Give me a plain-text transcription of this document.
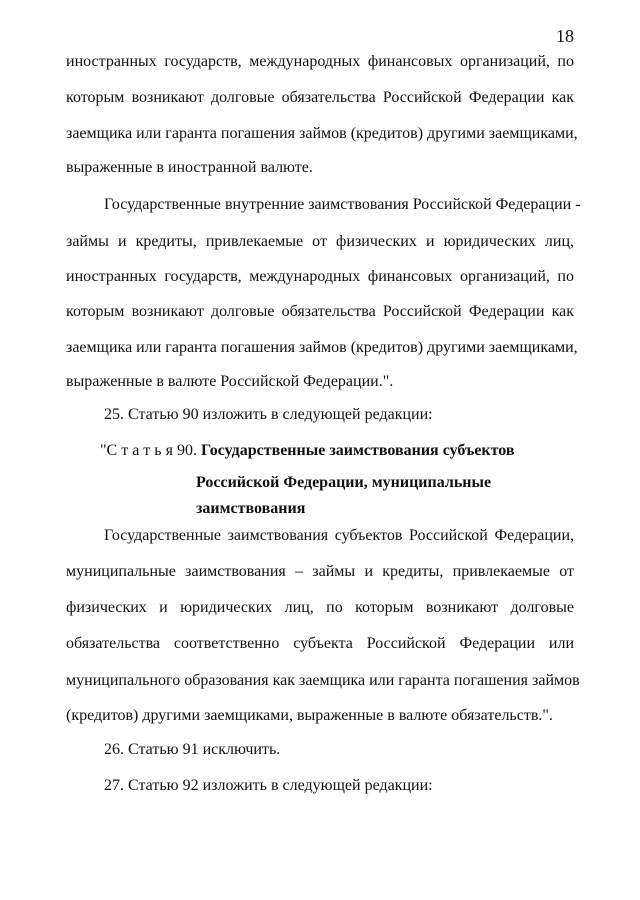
18
иностранных государств, международных финансовых организаций, по
которым возникают долговые обязательства Российской Федерации как
заемщика или гаранта погашения займов (кредитов) другими заемщиками,
выраженные в иностранной валюте.
Государственные внутренние заимствования Российской Федерации -
займы и кредиты, привлекаемые от физических и юридических лиц,
иностранных государств, международных финансовых организаций, по
которым возникают долговые обязательства Российской Федерации как
заемщика или гаранта погашения займов (кредитов) другими заемщиками,
выраженные в валюте Российской Федерации.".
25. Статью 90 изложить в следующей редакции:
"С т а т ь я 90. Государственные заимствования субъектов
Российской Федерации, муниципальные
заимствования
Государственные заимствования субъектов Российской Федерации,
муниципальные заимствования – займы и кредиты, привлекаемые от
физических и юридических лиц, по которым возникают долговые
обязательства соответственно субъекта Российской Федерации или
муниципального образования как заемщика или гаранта погашения займов
(кредитов) другими заемщиками, выраженные в валюте обязательств.".
26. Статью 91 исключить.
27. Статью 92 изложить в следующей редакции:
